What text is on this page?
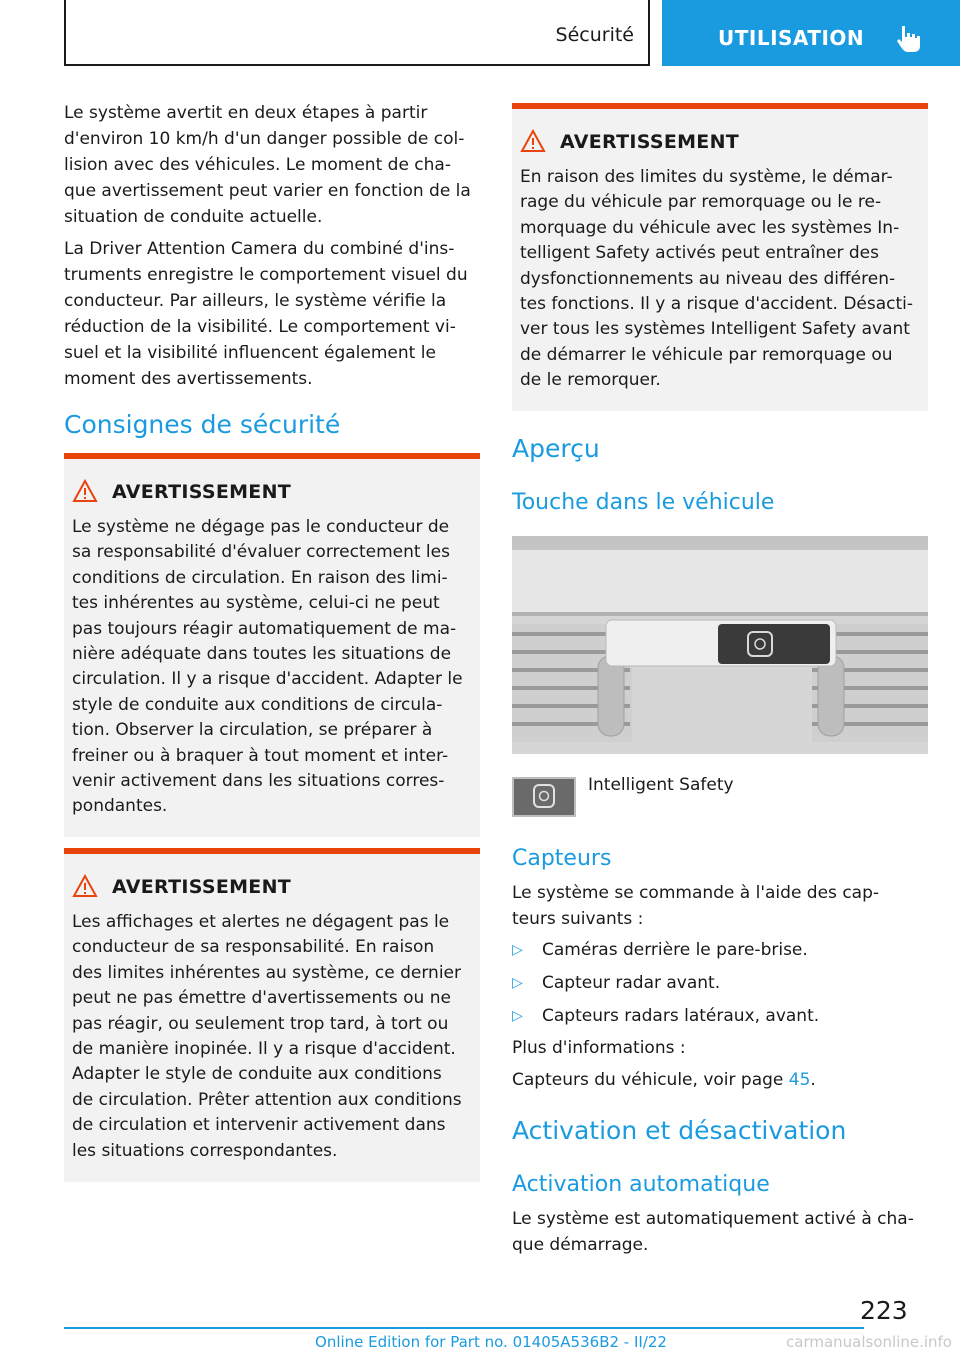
Sécurité	UTILISATION
Le système avertit en deux étapes à partir
d'environ 10 km/h d'un danger possible de col-
lision avec des véhicules. Le moment de cha-
que avertissement peut varier en fonction de la
situation de conduite actuelle.
La Driver Attention Camera du combiné d'ins-
truments enregistre le comportement visuel du
conducteur. Par ailleurs, le système vérifie la
réduction de la visibilité. Le comportement vi-
suel et la visibilité influencent également le
moment des avertissements.
Consignes de sécurité
AVERTISSEMENT
Le système ne dégage pas le conducteur de
sa responsabilité d'évaluer correctement les
conditions de circulation. En raison des limi-
tes inhérentes au système, celui-ci ne peut
pas toujours réagir automatiquement de ma-
nière adéquate dans toutes les situations de
circulation. Il y a risque d'accident. Adapter le
style de conduite aux conditions de circula-
tion. Observer la circulation, se préparer à
freiner ou à braquer à tout moment et inter-
venir activement dans les situations corres-
pondantes.
AVERTISSEMENT
Les affichages et alertes ne dégagent pas le
conducteur de sa responsabilité. En raison
des limites inhérentes au système, ce dernier
peut ne pas émettre d'avertissements ou ne
pas réagir, ou seulement trop tard, à tort ou
de manière inopinée. Il y a risque d'accident.
Adapter le style de conduite aux conditions
de circulation. Prêter attention aux conditions
de circulation et intervenir activement dans
les situations correspondantes.
AVERTISSEMENT
En raison des limites du système, le démar-
rage du véhicule par remorquage ou le re-
morquage du véhicule avec les systèmes In-
telligent Safety activés peut entraîner des
dysfonctionnements au niveau des différen-
tes fonctions. Il y a risque d'accident. Désacti-
ver tous les systèmes Intelligent Safety avant
de démarrer le véhicule par remorquage ou
de le remorquer.
Aperçu
Touche dans le véhicule
Intelligent Safety
Capteurs
Le système se commande à l'aide des cap-
teurs suivants :
▷ Caméras derrière le pare-brise.
▷ Capteur radar avant.
▷ Capteurs radars latéraux, avant.
Plus d'informations :
Capteurs du véhicule, voir page 45.
Activation et désactivation
Activation automatique
Le système est automatiquement activé à cha-
que démarrage.
223
Online Edition for Part no. 01405A536B2 - II/22	carmanualsonline.info
